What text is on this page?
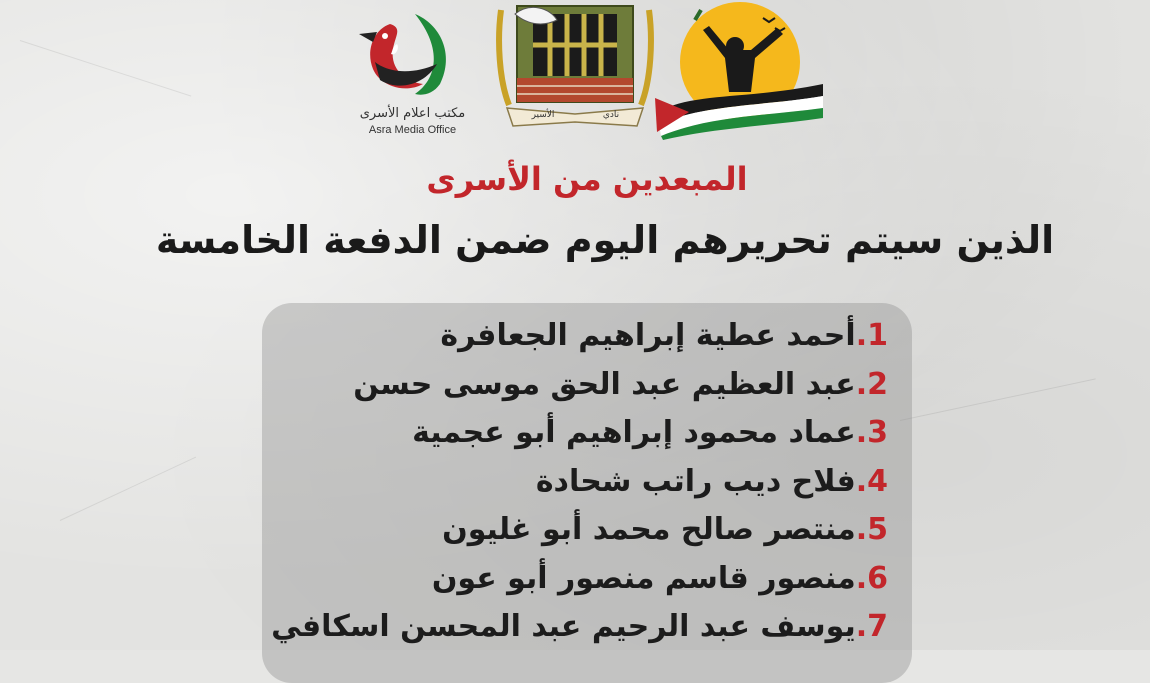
مكتب اعلام الأسرى
Asra Media Office
الأسير	نادي
المبعدين من الأسرى
الذين سيتم تحريرهم اليوم ضمن الدفعة الخامسة
1.أحمد عطية إبراهيم الجعافرة
2.عبد العظيم عبد الحق موسى حسن
3.عماد محمود إبراهيم أبو عجمية
4.فلاح ديب راتب شحادة
5.منتصر صالح محمد أبو غليون
6.منصور قاسم منصور أبو عون
7.يوسف عبد الرحيم عبد المحسن اسكافي
